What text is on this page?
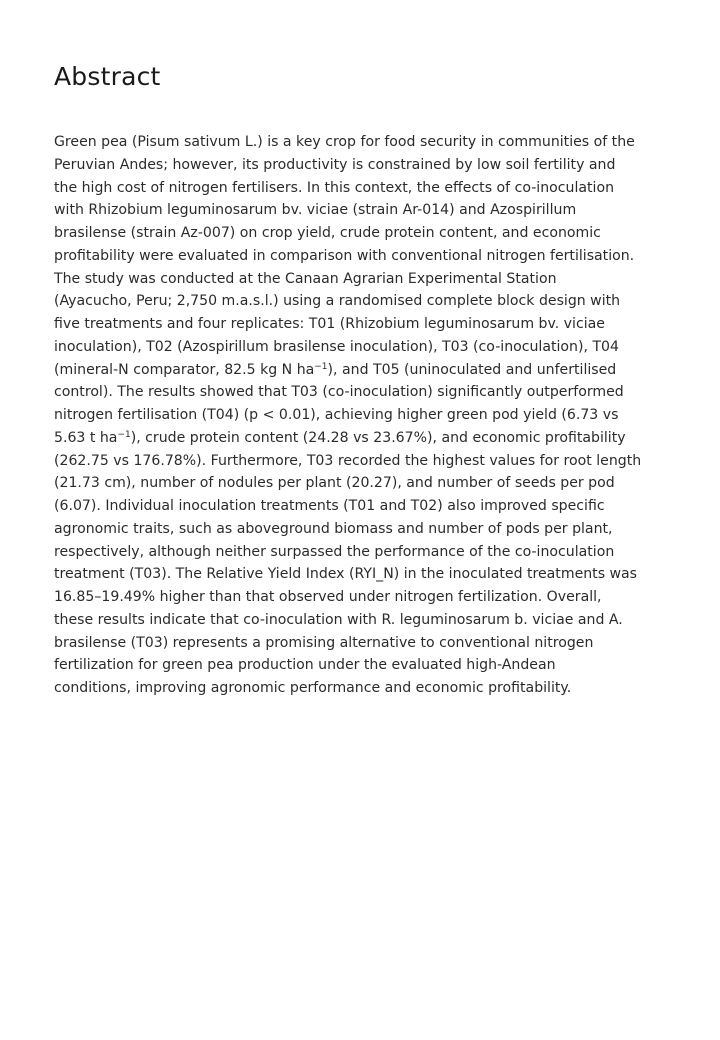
Abstract
Green pea (Pisum sativum L.) is a key crop for food security in communities of the
Peruvian Andes; however, its productivity is constrained by low soil fertility and
the high cost of nitrogen fertilisers. In this context, the effects of co-inoculation
with Rhizobium leguminosarum bv. viciae (strain Ar-014) and Azospirillum
brasilense (strain Az-007) on crop yield, crude protein content, and economic
profitability were evaluated in comparison with conventional nitrogen fertilisation.
The study was conducted at the Canaan Agrarian Experimental Station
(Ayacucho, Peru; 2,750 m.a.s.l.) using a randomised complete block design with
five treatments and four replicates: T01 (Rhizobium leguminosarum bv. viciae
inoculation), T02 (Azospirillum brasilense inoculation), T03 (co-inoculation), T04
(mineral-N comparator, 82.5 kg N $ha^{-1}$), and T05 (uninoculated and unfertilised
control). The results showed that T03 (co-inoculation) significantly outperformed
nitrogen fertilisation (T04) (p < 0.01), achieving higher green pod yield (6.73 vs
5.63 t $ha^{-1}$), crude protein content (24.28 vs 23.67%), and economic profitability
(262.75 vs 176.78%). Furthermore, T03 recorded the highest values for root length
(21.73 cm), number of nodules per plant (20.27), and number of seeds per pod
(6.07). Individual inoculation treatments (T01 and T02) also improved specific
agronomic traits, such as aboveground biomass and number of pods per plant,
respectively, although neither surpassed the performance of the co-inoculation
treatment (T03). The Relative Yield Index (RYI_N) in the inoculated treatments was
16.85–19.49% higher than that observed under nitrogen fertilization. Overall,
these results indicate that co-inoculation with R. leguminosarum b. viciae and A.
brasilense (T03) represents a promising alternative to conventional nitrogen
fertilization for green pea production under the evaluated high-Andean
conditions, improving agronomic performance and economic profitability.
